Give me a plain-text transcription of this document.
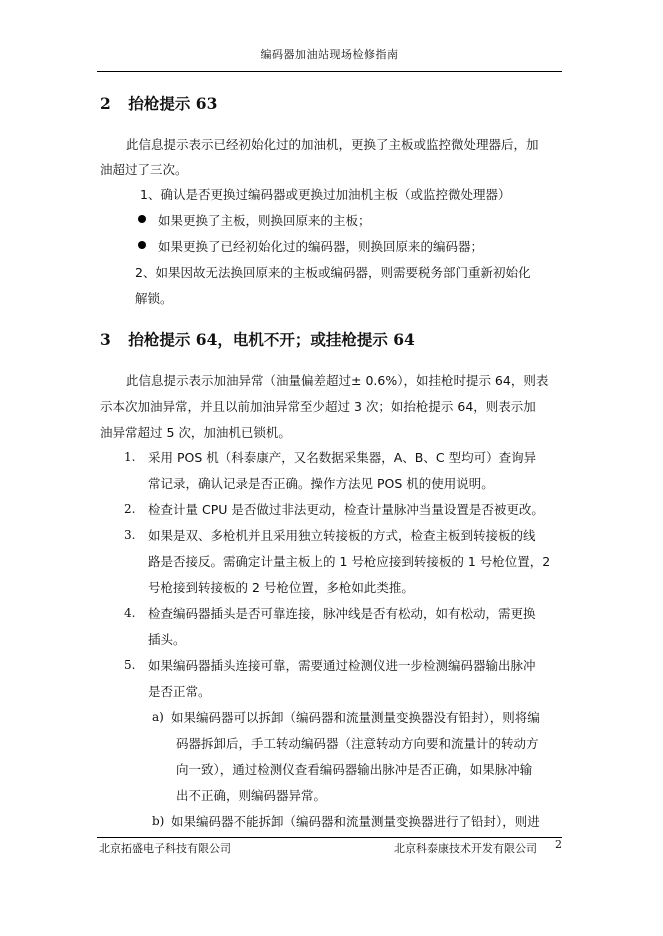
编码器加油站现场检修指南
2 抬枪提示 63
此信息提示表示已经初始化过的加油机，更换了主板或监控微处理器后，加
油超过了三次。
1、确认是否更换过编码器或更换过加油机主板（或监控微处理器）
如果更换了主板，则换回原来的主板；
如果更换了已经初始化过的编码器，则换回原来的编码器；
2、如果因故无法换回原来的主板或编码器，则需要税务部门重新初始化
解锁。
3 抬枪提示 64，电机不开；或挂枪提示 64
此信息提示表示加油异常（油量偏差超过± 0.6%），如挂枪时提示 64，则表
示本次加油异常，并且以前加油异常至少超过 3 次；如抬枪提示 64，则表示加
油异常超过 5 次，加油机已锁机。
1. 采用 POS 机（科泰康产，又名数据采集器，A、B、C 型均可）查询异
常记录，确认记录是否正确。操作方法见 POS 机的使用说明。
2. 检查计量 CPU 是否做过非法更动，检查计量脉冲当量设置是否被更改。
3. 如果是双、多枪机并且采用独立转接板的方式，检查主板到转接板的线
路是否接反。需确定计量主板上的 1 号枪应接到转接板的 1 号枪位置，2
号枪接到转接板的 2 号枪位置，多枪如此类推。
4. 检查编码器插头是否可靠连接，脉冲线是否有松动，如有松动，需更换
插头。
5. 如果编码器插头连接可靠，需要通过检测仪进一步检测编码器输出脉冲
是否正常。
a) 如果编码器可以拆卸（编码器和流量测量变换器没有铅封），则将编
码器拆卸后，手工转动编码器（注意转动方向要和流量计的转动方
向一致），通过检测仪查看编码器输出脉冲是否正确，如果脉冲输
出不正确，则编码器异常。
b) 如果编码器不能拆卸（编码器和流量测量变换器进行了铅封），则进
北京拓盛电子科技有限公司	北京科泰康技术开发有限公司 2
